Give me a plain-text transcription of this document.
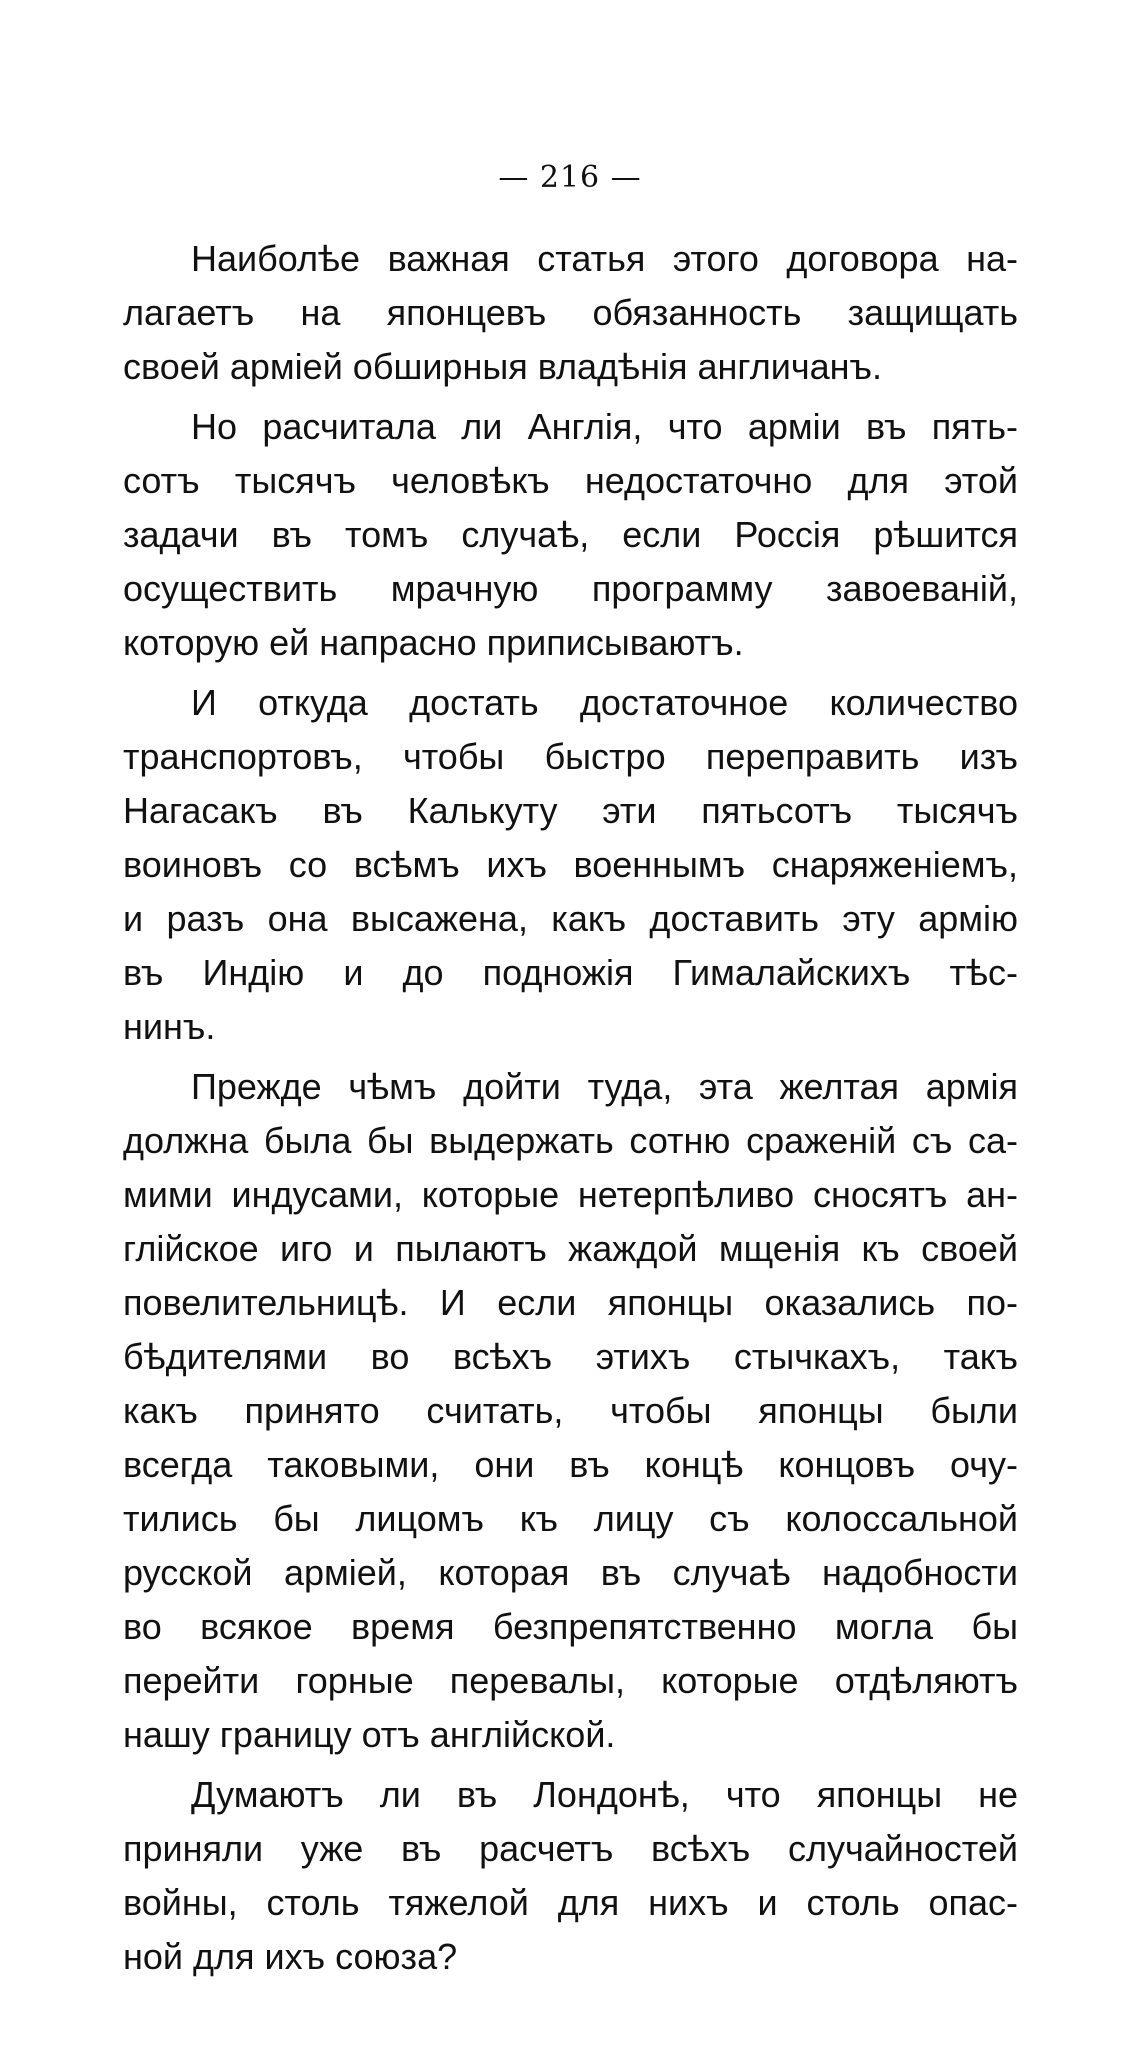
— 216 —
Наиболѣе важная статья этого договора на-
лагаетъ на японцевъ обязанность защищать
своей арміей обширныя владѣнія англичанъ.
Но расчитала ли Англія, что арміи въ пять-
сотъ тысячъ человѣкъ недостаточно для этой
задачи въ томъ случаѣ, если Россія рѣшится
осуществить мрачную программу завоеваній,
которую ей напрасно приписываютъ.
И откуда достать достаточное количество
транспортовъ, чтобы быстро переправить изъ
Нагасакъ въ Калькуту эти пятьсотъ тысячъ
воиновъ со всѣмъ ихъ военнымъ снаряженіемъ,
и разъ она высажена, какъ доставить эту армію
въ Индію и до подножія Гималайскихъ тѣс-
нинъ.
Прежде чѣмъ дойти туда, эта желтая армія
должна была бы выдержать сотню сраженій съ са-
мими индусами, которые нетерпѣливо сносятъ ан-
глійское иго и пылаютъ жаждой мщенія къ своей
повелительницѣ. И если японцы оказались по-
бѣдителями во всѣхъ этихъ стычкахъ, такъ
какъ принято считать, чтобы японцы были
всегда таковыми, они въ концѣ концовъ очу-
тились бы лицомъ къ лицу съ колоссальной
русской арміей, которая въ случаѣ надобности
во всякое время безпрепятственно могла бы
перейти горные перевалы, которые отдѣляютъ
нашу границу отъ англійской.
Думаютъ ли въ Лондонѣ, что японцы не
приняли уже въ расчетъ всѣхъ случайностей
войны, столь тяжелой для нихъ и столь опас-
ной для ихъ союза?
